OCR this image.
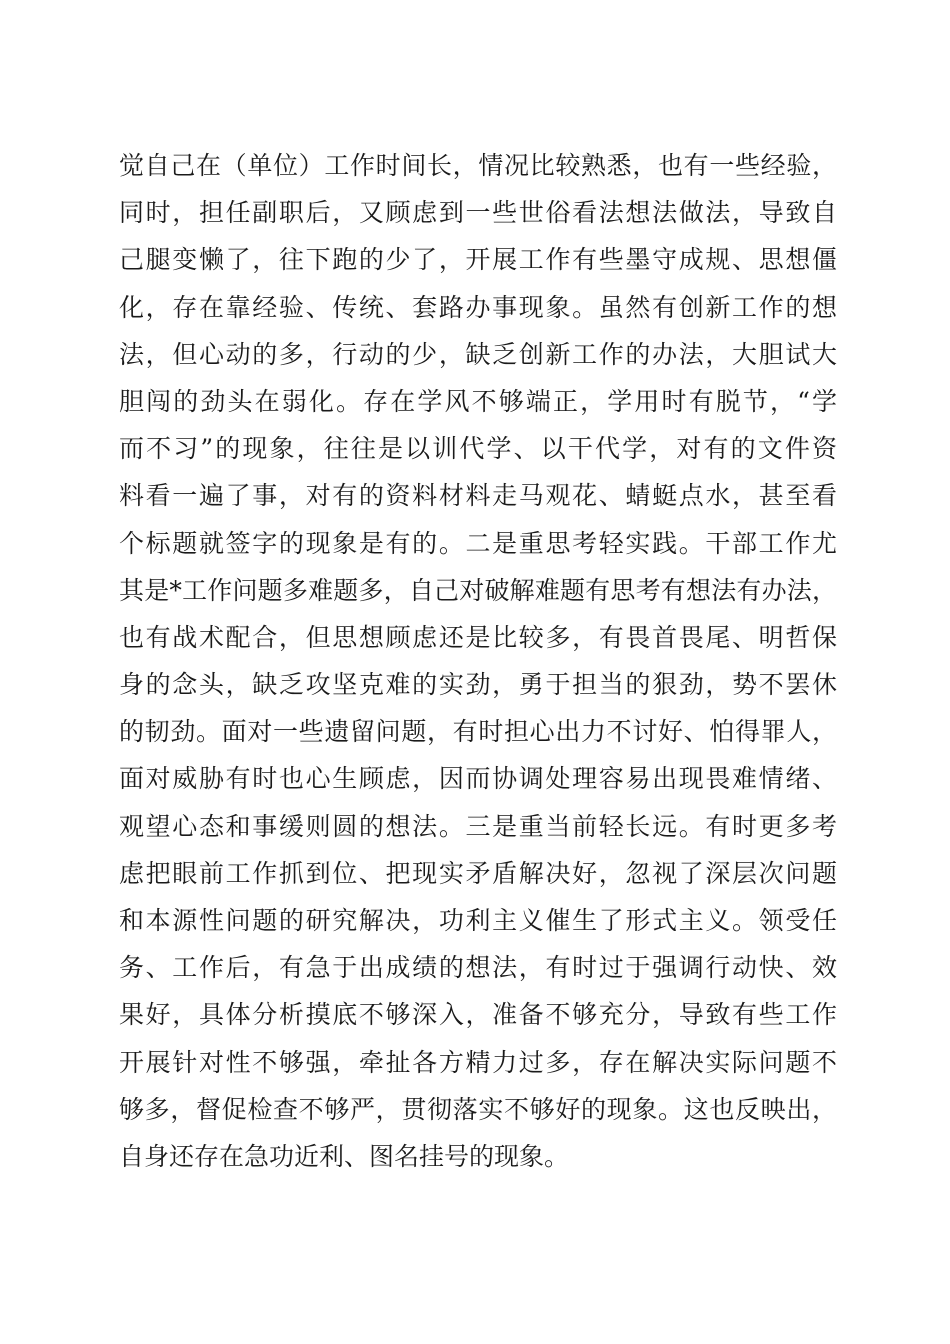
觉自己在（单位）工作时间长，情况比较熟悉，也有一些经验，
同时，担任副职后，又顾虑到一些世俗看法想法做法，导致自
己腿变懒了，往下跑的少了，开展工作有些墨守成规、思想僵
化，存在靠经验、传统、套路办事现象。虽然有创新工作的想
法，但心动的多，行动的少，缺乏创新工作的办法，大胆试大
胆闯的劲头在弱化。存在学风不够端正，学用时有脱节，“学
而不习”的现象，往往是以训代学、以干代学，对有的文件资
料看一遍了事，对有的资料材料走马观花、蜻蜓点水，甚至看
个标题就签字的现象是有的。二是重思考轻实践。干部工作尤
其是*工作问题多难题多，自己对破解难题有思考有想法有办法，
也有战术配合，但思想顾虑还是比较多，有畏首畏尾、明哲保
身的念头，缺乏攻坚克难的实劲，勇于担当的狠劲，势不罢休
的韧劲。面对一些遗留问题，有时担心出力不讨好、怕得罪人，
面对威胁有时也心生顾虑，因而协调处理容易出现畏难情绪、
观望心态和事缓则圆的想法。三是重当前轻长远。有时更多考
虑把眼前工作抓到位、把现实矛盾解决好，忽视了深层次问题
和本源性问题的研究解决，功利主义催生了形式主义。领受任
务、工作后，有急于出成绩的想法，有时过于强调行动快、效
果好，具体分析摸底不够深入，准备不够充分，导致有些工作
开展针对性不够强，牵扯各方精力过多，存在解决实际问题不
够多，督促检查不够严，贯彻落实不够好的现象。这也反映出，
自身还存在急功近利、图名挂号的现象。
